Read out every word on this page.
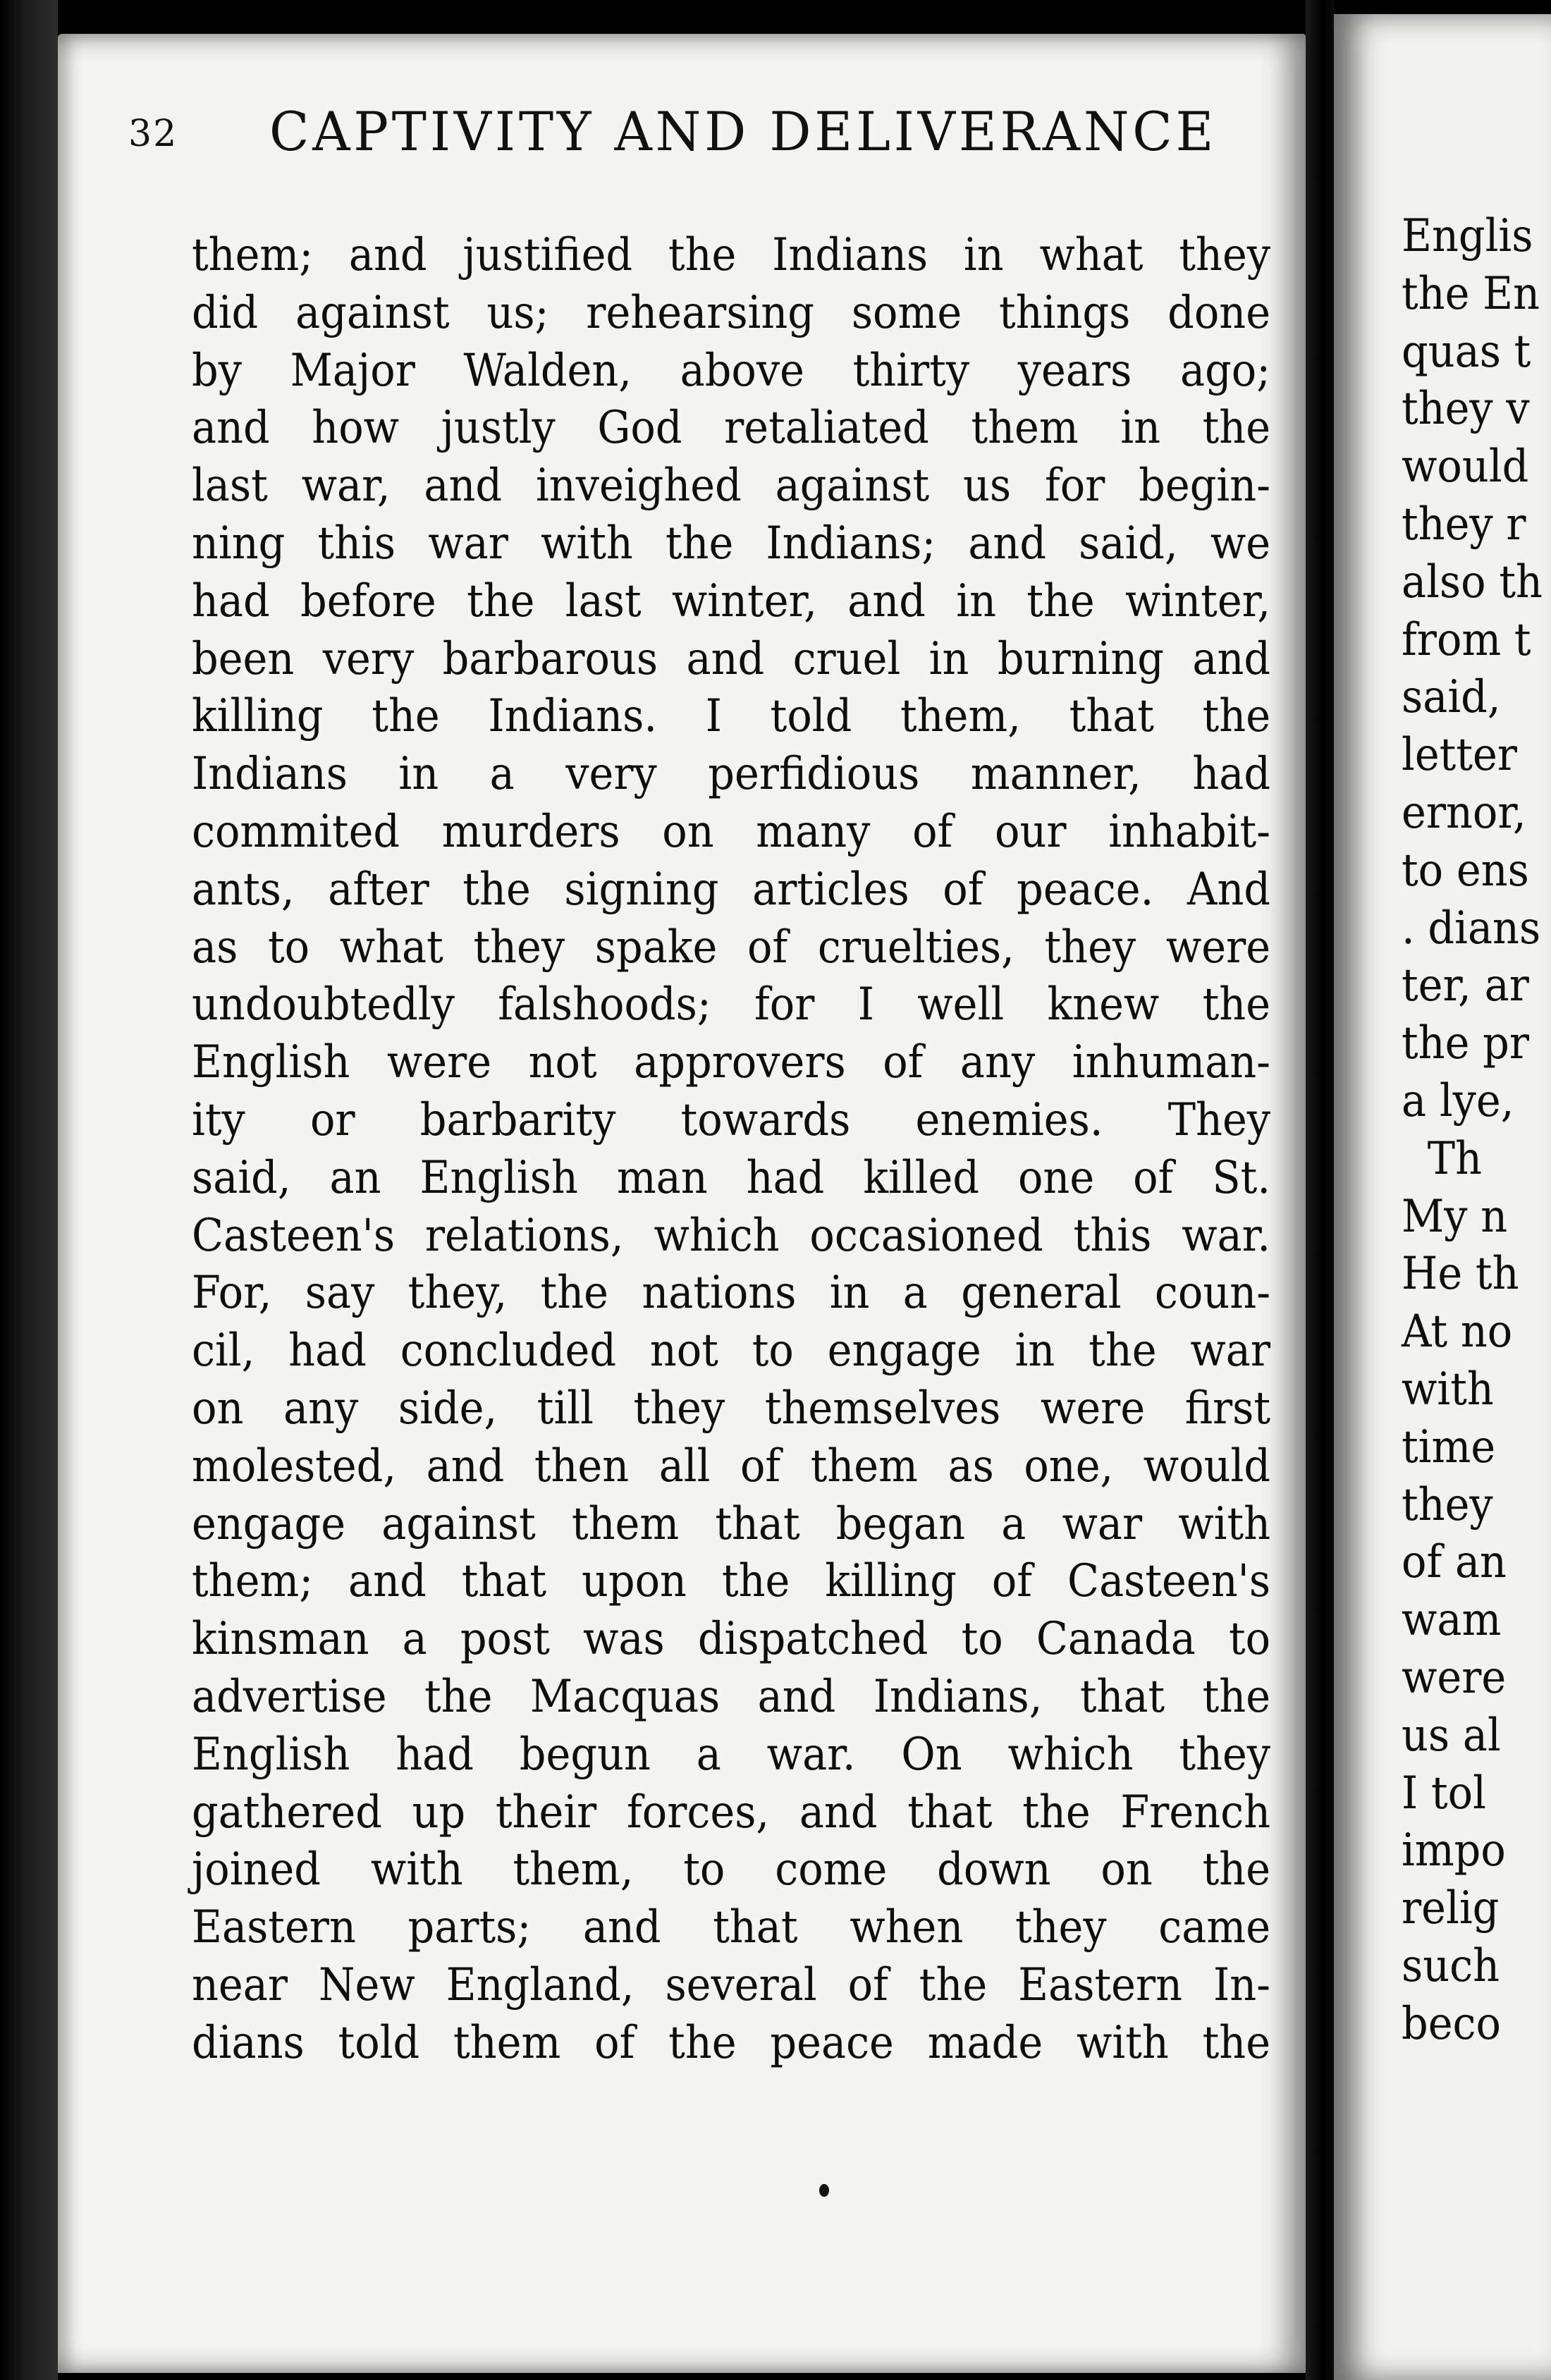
32 CAPTIVITY AND DELIVERANCE
them; and justified the Indians in what they
did against us; rehearsing some things done
by Major Walden, above thirty years ago;
and how justly God retaliated them in the
last war, and inveighed against us for begin-
ning this war with the Indians; and said, we
had before the last winter, and in the winter,
been very barbarous and cruel in burning and
killing the Indians. I told them, that the
Indians in a very perfidious manner, had
commited murders on many of our inhabit-
ants, after the signing articles of peace. And
as to what they spake of cruelties, they were
undoubtedly falshoods; for I well knew the
English were not approvers of any inhuman-
ity or barbarity towards enemies. They
said, an English man had killed one of St.
Casteen's relations, which occasioned this war.
For, say they, the nations in a general coun-
cil, had concluded not to engage in the war
on any side, till they themselves were first
molested, and then all of them as one, would
engage against them that began a war with
them; and that upon the killing of Casteen's
kinsman a post was dispatched to Canada to
advertise the Macquas and Indians, that the
English had begun a war. On which they
gathered up their forces, and that the French
joined with them, to come down on the
Eastern parts; and that when they came
near New England, several of the Eastern In-
dians told them of the peace made with the
Englis
the En
quas t
they v
would
they r
also th
from t
said,
letter
ernor,
to ens
. dians
ter, ar
the pr
a lye,
Th
My n
He th
At no
with
time
they
of an
wam
were
us al
I tol
impo
relig
such
beco
